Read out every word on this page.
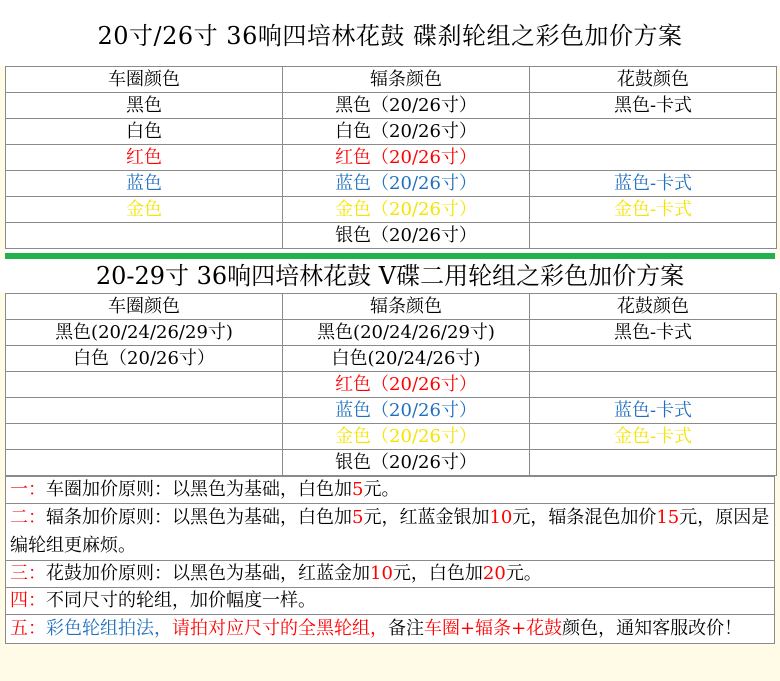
20寸/26寸 36响四培林花鼓 碟刹轮组之彩色加价方案
车圈颜色	辐条颜色	花鼓颜色
黑色	黑色（20/26寸）	黑色-卡式
白色	白色（20/26寸）	
红色	红色（20/26寸）	
蓝色	蓝色（20/26寸）	蓝色-卡式
金色	金色（20/26寸）	金色-卡式
	银色（20/26寸）	
20-29寸 36响四培林花鼓 V碟二用轮组之彩色加价方案
车圈颜色	辐条颜色	花鼓颜色
黑色(20/24/26/29寸)	黑色(20/24/26/29寸)	黑色-卡式
白色（20/26寸）	白色(20/24/26寸)	
	红色（20/26寸）	
	蓝色（20/26寸）	蓝色-卡式
	金色（20/26寸）	金色-卡式
	银色（20/26寸）	
一：车圈加价原则：以黑色为基础，白色加5元。
二：辐条加价原则：以黑色为基础，白色加5元，红蓝金银加10元，辐条混色加价15元，原因是编轮组更麻烦。
三：花鼓加价原则：以黑色为基础，红蓝金加10元，白色加20元。
四：不同尺寸的轮组，加价幅度一样。
五：彩色轮组拍法，请拍对应尺寸的全黑轮组，备注车圈+辐条+花鼓颜色，通知客服改价！
